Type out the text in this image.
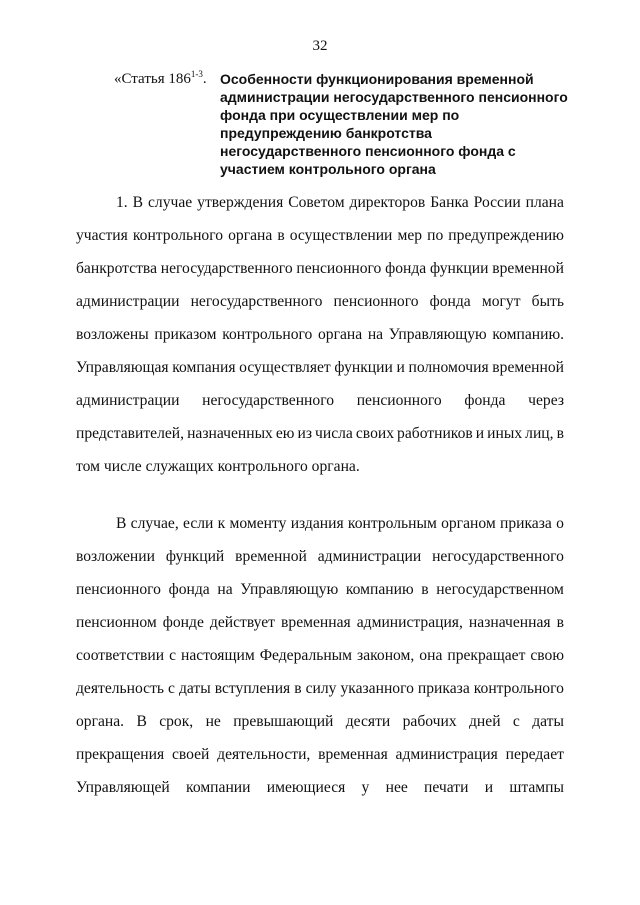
32
«Статья 186$^{1-3}$. Особенности функционирования временной
администрации негосударственного пенсионного
фонда при осуществлении мер по
предупреждению банкротства
негосударственного пенсионного фонда с
участием контрольного органа
1. В случае утверждения Советом директоров Банка России плана
участия контрольного органа в осуществлении мер по предупреждению
банкротства негосударственного пенсионного фонда функции временной
администрации негосударственного пенсионного фонда могут быть
возложены приказом контрольного органа на Управляющую компанию.
Управляющая компания осуществляет функции и полномочия временной
администрации негосударственного пенсионного фонда через
представителей, назначенных ею из числа своих работников и иных лиц, в
том числе служащих контрольного органа.
В случае, если к моменту издания контрольным органом приказа о
возложении функций временной администрации негосударственного
пенсионного фонда на Управляющую компанию в негосударственном
пенсионном фонде действует временная администрация, назначенная в
соответствии с настоящим Федеральным законом, она прекращает свою
деятельность с даты вступления в силу указанного приказа контрольного
органа. В срок, не превышающий десяти рабочих дней с даты
прекращения своей деятельности, временная администрация передает
Управляющей компании имеющиеся у нее печати и штампы
